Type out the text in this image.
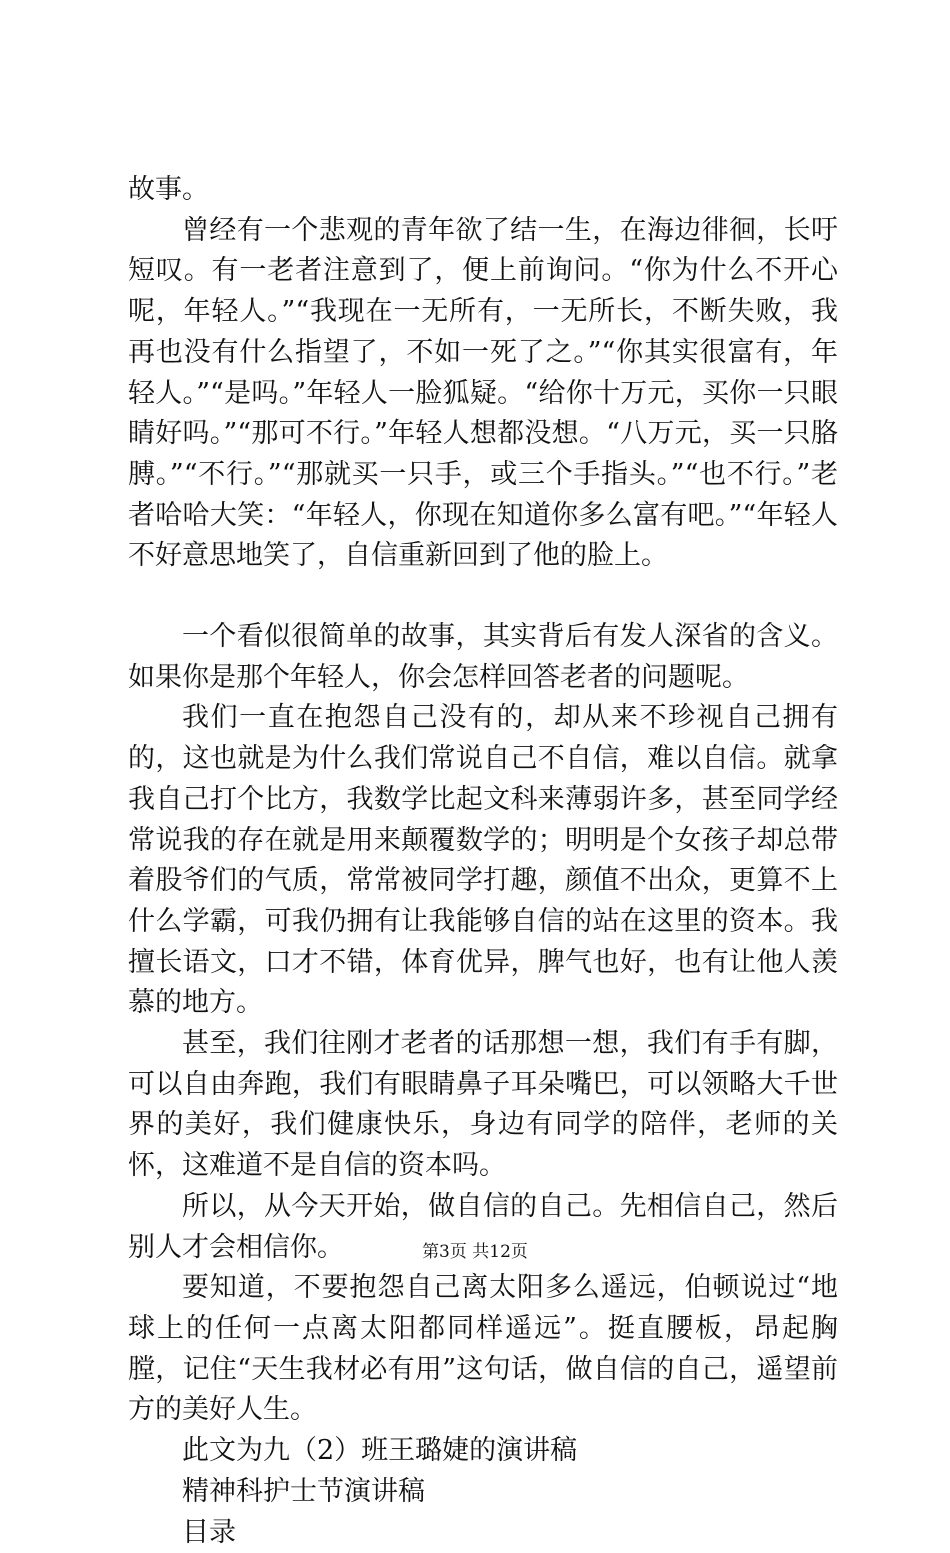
故事。

曾经有一个悲观的青年欲了结一生，在海边徘徊，长吁短叹。有一老者注意到了，便上前询问。“你为什么不开心呢，年轻人。”“我现在一无所有，一无所长，不断失败，我再也没有什么指望了，不如一死了之。”“你其实很富有，年轻人。”“是吗。”年轻人一脸狐疑。“给你十万元，买你一只眼睛好吗。”“那可不行。”年轻人想都没想。“八万元，买一只胳膊。”“不行。”“那就买一只手，或三个手指头。”“也不行。”老者哈哈大笑：“年轻人，你现在知道你多么富有吧。”“年轻人不好意思地笑了，自信重新回到了他的脸上。

一个看似很简单的故事，其实背后有发人深省的含义。如果你是那个年轻人，你会怎样回答老者的问题呢。

我们一直在抱怨自己没有的，却从来不珍视自己拥有的，这也就是为什么我们常说自己不自信，难以自信。就拿我自己打个比方，我数学比起文科来薄弱许多，甚至同学经常说我的存在就是用来颠覆数学的；明明是个女孩子却总带着股爷们的气质，常常被同学打趣，颜值不出众，更算不上什么学霸，可我仍拥有让我能够自信的站在这里的资本。我擅长语文，口才不错，体育优异，脾气也好，也有让他人羡慕的地方。

甚至，我们往刚才老者的话那想一想，我们有手有脚，可以自由奔跑，我们有眼睛鼻子耳朵嘴巴，可以领略大千世界的美好，我们健康快乐，身边有同学的陪伴，老师的关怀，这难道不是自信的资本吗。

所以，从今天开始，做自信的自己。先相信自己，然后别人才会相信你。

要知道，不要抱怨自己离太阳多么遥远，伯顿说过“地球上的任何一点离太阳都同样遥远”。挺直腰板，昂起胸膛，记住“天生我材必有用”这句话，做自信的自己，遥望前方的美好人生。

此文为九（2）班王璐婕的演讲稿

精神科护士节演讲稿

目录

第3页 共12页
